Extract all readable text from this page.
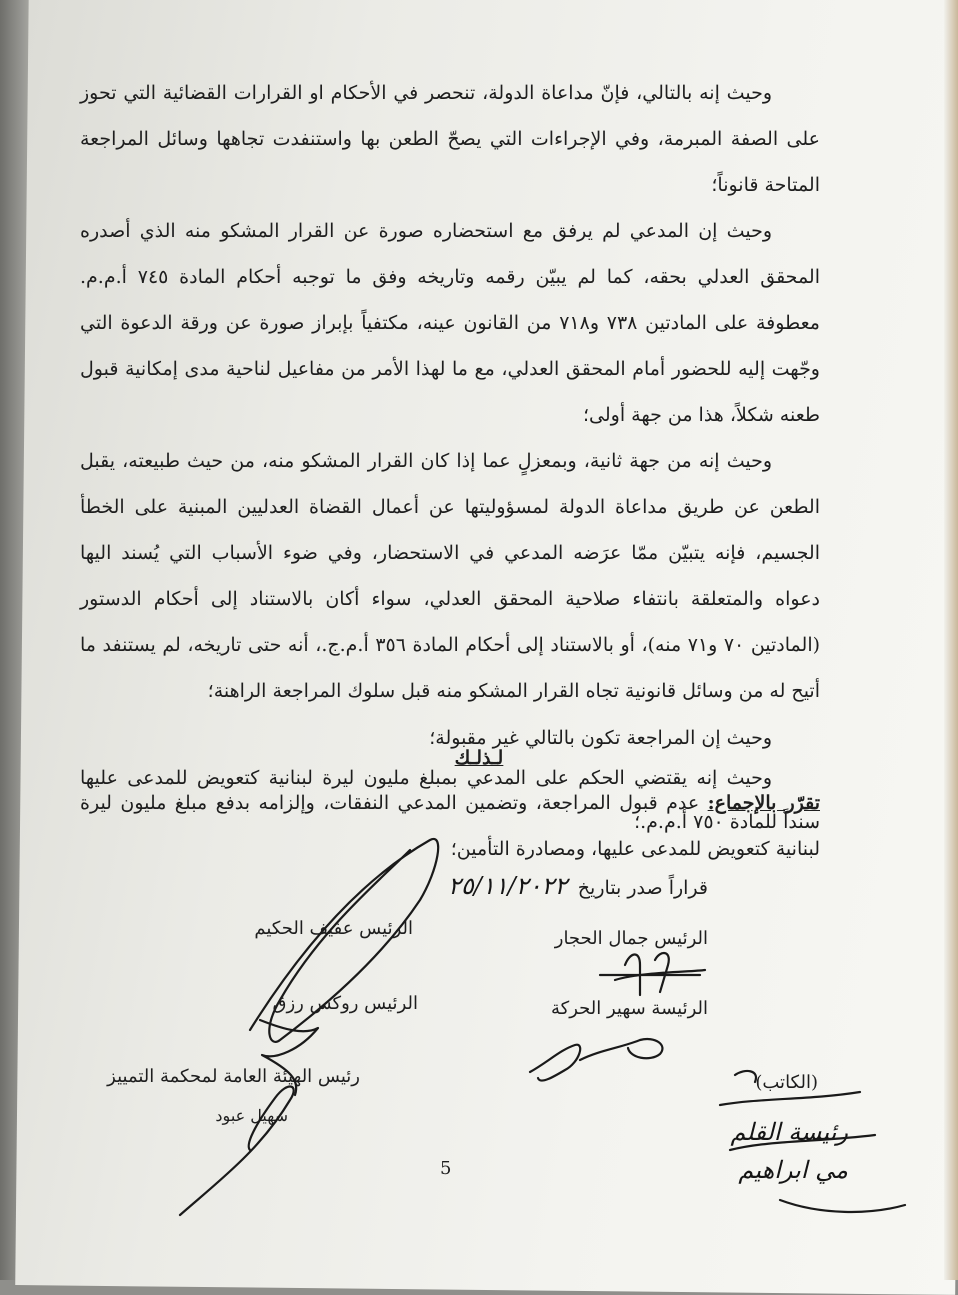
وحيث إنه بالتالي، فإنّ مداعاة الدولة، تنحصر في الأحكام او القرارات القضائية التي تحوز على الصفة المبرمة، وفي الإجراءات التي يصحّ الطعن بها واستنفدت تجاهها وسائل المراجعة المتاحة قانوناً؛

وحيث إن المدعي لم يرفق مع استحضاره صورة عن القرار المشكو منه الذي أصدره المحقق العدلي بحقه، كما لم يبيّن رقمه وتاريخه وفق ما توجبه أحكام المادة ٧٤٥ أ.م.م. معطوفة على المادتين ٧٣٨ و٧١٨ من القانون عينه، مكتفياً بإبراز صورة عن ورقة الدعوة التي وجّهت إليه للحضور أمام المحقق العدلي، مع ما لهذا الأمر من مفاعيل لناحية مدى إمكانية قبول طعنه شكلاً، هذا من جهة أولى؛

وحيث إنه من جهة ثانية، وبمعزلٍ عما إذا كان القرار المشكو منه، من حيث طبيعته، يقبل الطعن عن طريق مداعاة الدولة لمسؤوليتها عن أعمال القضاة العدليين المبنية على الخطأ الجسيم، فإنه يتبيّن ممّا عرَضه المدعي في الاستحضار، وفي ضوء الأسباب التي يُسند اليها دعواه والمتعلقة بانتفاء صلاحية المحقق العدلي، سواء أكان بالاستناد إلى أحكام الدستور (المادتين ٧٠ و٧١ منه)، أو بالاستناد إلى أحكام المادة ٣٥٦ أ.م.ج.، أنه حتى تاريخه، لم يستنفد ما أتيح له من وسائل قانونية تجاه القرار المشكو منه قبل سلوك المراجعة الراهنة؛

وحيث إن المراجعة تكون بالتالي غير مقبولة؛

وحيث إنه يقتضي الحكم على المدعي بمبلغ مليون ليرة لبنانية كتعويض للمدعى عليها سنداً للمادة ٧٥٠ أ.م.م.؛

لـذلـك
تقرّر بالإجماع: عدم قبول المراجعة، وتضمين المدعي النفقات، وإلزامه بدفع مبلغ مليون ليرة لبنانية كتعويض للمدعى عليها، ومصادرة التأمين؛
قراراً صدر بتاريخ
٢٥/١١/٢٠٢٢
الرئيس جمال الحجار
الرئيس عفيف الحكيم
الرئيسة سهير الحركة
الرئيس روكس رزق
رئيس الهيئة العامة لمحكمة التمييز
سهيل عبود
(الكاتب)
رئيسة القلم
مي ابراهيم
5
